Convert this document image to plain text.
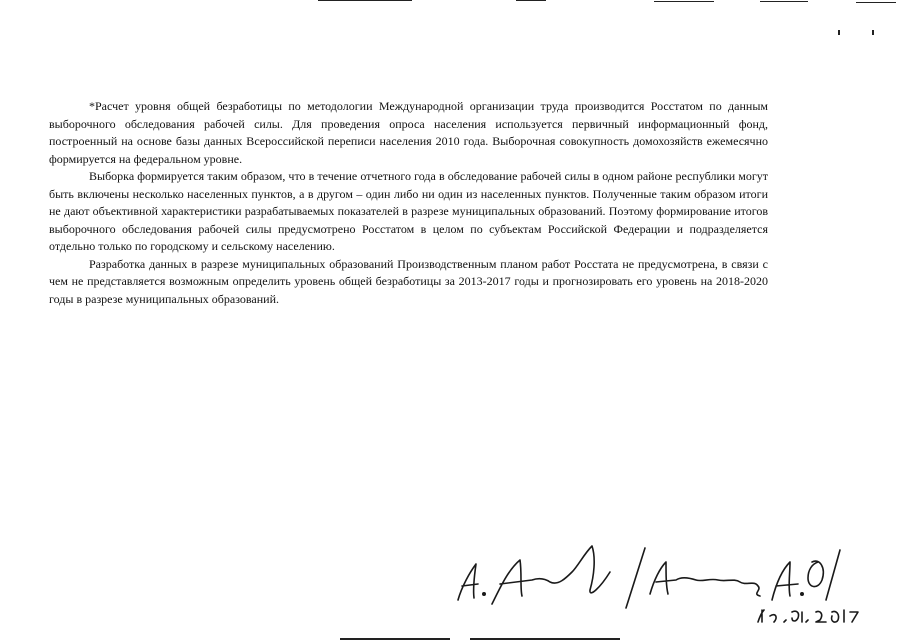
*Расчет уровня общей безработицы по методологии Международной организации труда производится Росстатом по данным выборочного обследования рабочей силы. Для проведения опроса населения используется первичный информационный фонд, построенный на основе базы данных Всероссийской переписи населения 2010 года. Выборочная совокупность домохозяйств ежемесячно формируется на федеральном уровне.

Выборка формируется таким образом, что в течение отчетного года в обследование рабочей силы в одном районе республики могут быть включены несколько населенных пунктов, а в другом – один либо ни один из населенных пунктов. Полученные таким образом итоги не дают объективной характеристики разрабатываемых показателей в разрезе муниципальных образований. Поэтому формирование итогов выборочного обследования рабочей силы предусмотрено Росстатом в целом по субъектам Российской Федерации и подразделяется отдельно только по городскому и сельскому населению.

Разработка данных в разрезе муниципальных образований Производственным планом работ Росстата не предусмотрена, в связи с чем не представляется возможным определить уровень общей безработицы за 2013-2017 годы и прогнозировать его уровень на 2018-2020 годы в разрезе муниципальных образований.
